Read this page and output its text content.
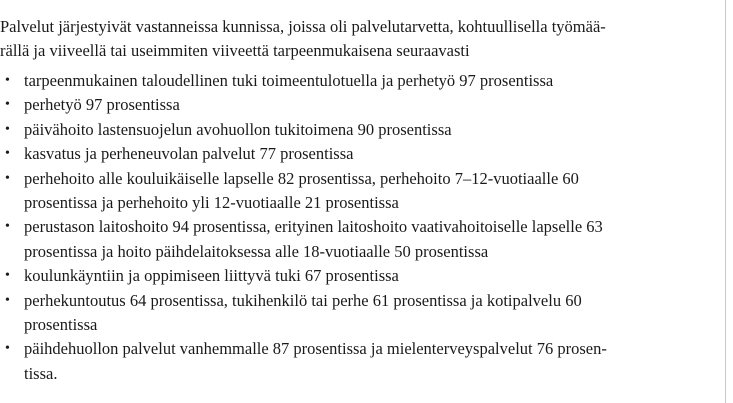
Palvelut järjestyivät vastanneissa kunnissa, joissa oli palvelutarvetta, kohtuullisella työmää-
rällä ja viiveellä tai useimmiten viiveettä tarpeenmukaisena seuraavasti

• tarpeenmukainen taloudellinen tuki toimeentulotuella ja perhetyö 97 prosentissa
• perhetyö 97 prosentissa
• päivähoito lastensuojelun avohuollon tukitoimena 90 prosentissa
• kasvatus ja perheneuvolan palvelut 77 prosentissa
• perhehoito alle kouluikäiselle lapselle 82 prosentissa, perhehoito 7–12-vuotiaalle 60
prosentissa ja perhehoito yli 12-vuotiaalle 21 prosentissa
• perustason laitoshoito 94 prosentissa, erityinen laitoshoito vaativahoitoiselle lapselle 63
prosentissa ja hoito päihdelaitoksessa alle 18-vuotiaalle 50 prosentissa
• koulunkäyntiin ja oppimiseen liittyvä tuki 67 prosentissa
• perhekuntoutus 64 prosentissa, tukihenkilö tai perhe 61 prosentissa ja kotipalvelu 60
prosentissa
• päihdehuollon palvelut vanhemmalle 87 prosentissa ja mielenterveyspalvelut 76 prosen-
tissa.
